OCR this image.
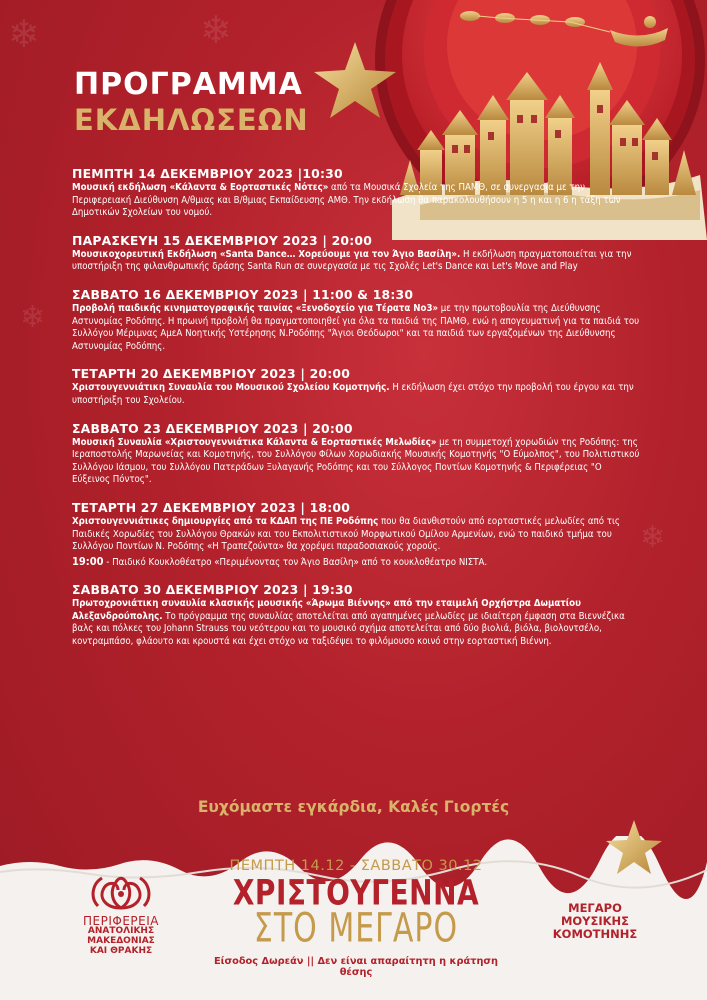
❄	❄
❄
❄
ΠΡΟΓΡΑΜΜΑ
ΕΚΔΗΛΩΣΕΩΝ

ΠΕΜΠΤΗ 14 ΔΕΚΕΜΒΡΙΟΥ 2023 |10:30

Μουσική εκδήλωση «Κάλαντα & Εορταστικές Νότες» από τα Μουσικά Σχολεία της ΠΑΜΘ, σε συνεργασία με την Περιφερειακή Διεύθυνση Α/θμιας και Β/θμιας Εκπαίδευσης ΑΜΘ. Την εκδήλωση θα παρακολουθήσουν η 5 η και η 6 η τάξη των Δημοτικών Σχολείων του νομού.

ΠΑΡΑΣΚΕΥΗ 15 ΔΕΚΕΜΒΡΙΟΥ 2023 | 20:00

Μουσικοχορευτική Εκδήλωση «Santa Dance… Χορεύουμε για τον Άγιο Βασίλη». Η εκδήλωση πραγματοποιείται για την υποστήριξη της φιλανθρωπικής δράσης Santa Run σε συνεργασία με τις Σχολές Let's Dance και Let's Move and Play

ΣΑΒΒΑΤΟ 16 ΔΕΚΕΜΒΡΙΟΥ 2023 | 11:00 & 18:30

Προβολή παιδικής κινηματογραφικής ταινίας «Ξενοδοχείο για Τέρατα Νο3» με την πρωτοβουλία της Διεύθυνσης Αστυνομίας Ροδόπης. Η πρωινή προβολή θα πραγματοποιηθεί για όλα τα παιδιά της ΠΑΜΘ, ενώ η απογευματινή για τα παιδιά του Συλλόγου Μέριμνας ΑμεΑ Νοητικής Υστέρησης Ν.Ροδόπης "Άγιοι Θεόδωροι" και τα παιδιά των εργαζομένων της Διεύθυνσης Αστυνομίας Ροδόπης.

ΤΕΤΑΡΤΗ 20 ΔΕΚΕΜΒΡΙΟΥ 2023 | 20:00

Χριστουγεννιάτικη Συναυλία του Μουσικού Σχολείου Κομοτηνής. Η εκδήλωση έχει στόχο την προβολή του έργου και την υποστήριξη του Σχολείου.

ΣΑΒΒΑΤΟ 23 ΔΕΚΕΜΒΡΙΟΥ 2023 | 20:00

Μουσική Συναυλία «Χριστουγεννιάτικα Κάλαντα & Εορταστικές Μελωδίες» με τη συμμετοχή χορωδιών της Ροδόπης: της Ιεραποστολής Μαρωνείας και Κομοτηνής, του Συλλόγου Φίλων Χορωδιακής Μουσικής Κομοτηνής "Ο Εύμολπος", του Πολιτιστικού Συλλόγου Ιάσμου, του Συλλόγου Πατεράδων Ξυλαγανής Ροδόπης και του Σύλλογος Ποντίων Κομοτηνής & Περιφέρειας "Ο Εύξεινος Πόντος".

ΤΕΤΑΡΤΗ 27 ΔΕΚΕΜΒΡΙΟΥ 2023 | 18:00

Χριστουγεννιάτικες δημιουργίες από τα ΚΔΑΠ της ΠΕ Ροδόπης που θα διανθιστούν από εορταστικές μελωδίες από τις Παιδικές Χορωδίες του Συλλόγου Θρακών και του Εκπολιτιστικού Μορφωτικού Ομίλου Αρμενίων, ενώ το παιδικό τμήμα του Συλλόγου Ποντίων Ν. Ροδόπης «Η Τραπεζούντα» θα χορέψει παραδοσιακούς χορούς.

19:00 - Παιδικό Κουκλοθέατρο «Περιμένοντας τον Άγιο Βασίλη» από το κουκλοθέατρο ΝΙΣΤΑ.

ΣΑΒΒΑΤΟ 30 ΔΕΚΕΜΒΡΙΟΥ 2023 | 19:30

Πρωτοχρονιάτικη συναυλία κλασικής μουσικής «Άρωμα Βιέννης» από την εταιμελή Ορχήστρα Δωματίου Αλεξανδρούπολης. Το πρόγραμμα της συναυλίας αποτελείται από αγαπημένες μελωδίες με ιδιαίτερη έμφαση στα Βιεννέζικα βαλς και πόλκες του Johann Strauss του νεότερου και το μουσικό σχήμα αποτελείται από δύο βιολιά, βιόλα, βιολοντσέλο, κοντραμπάσο, φλάουτο και κρουστά και έχει στόχο να ταξιδέψει το φιλόμουσο κοινό στην εορταστική Βιέννη.

Ευχόμαστε εγκάρδια, Καλές Γιορτές
ΠΕΡΙΦΕΡΕΙΑ
ΑΝΑΤΟΛΙΚΗΣ ΜΑΚΕΔΟΝΙΑΣ
ΚΑΙ ΘΡΑΚΗΣ

ΠΕΜΠΤΗ 14.12 - ΣΑΒΒΑΤΟ 30.12

ΧΡΙΣΤΟΥΓΕΝΝΑ

ΣΤΟ ΜΕΓΑΡΟ

Είσοδος Δωρεάν || Δεν είναι απαραίτητη η κράτηση θέσης

ΜΕΓΑΡΟ
ΜΟΥΣΙΚΗΣ
ΚΟΜΟΤΗΝΗΣ
